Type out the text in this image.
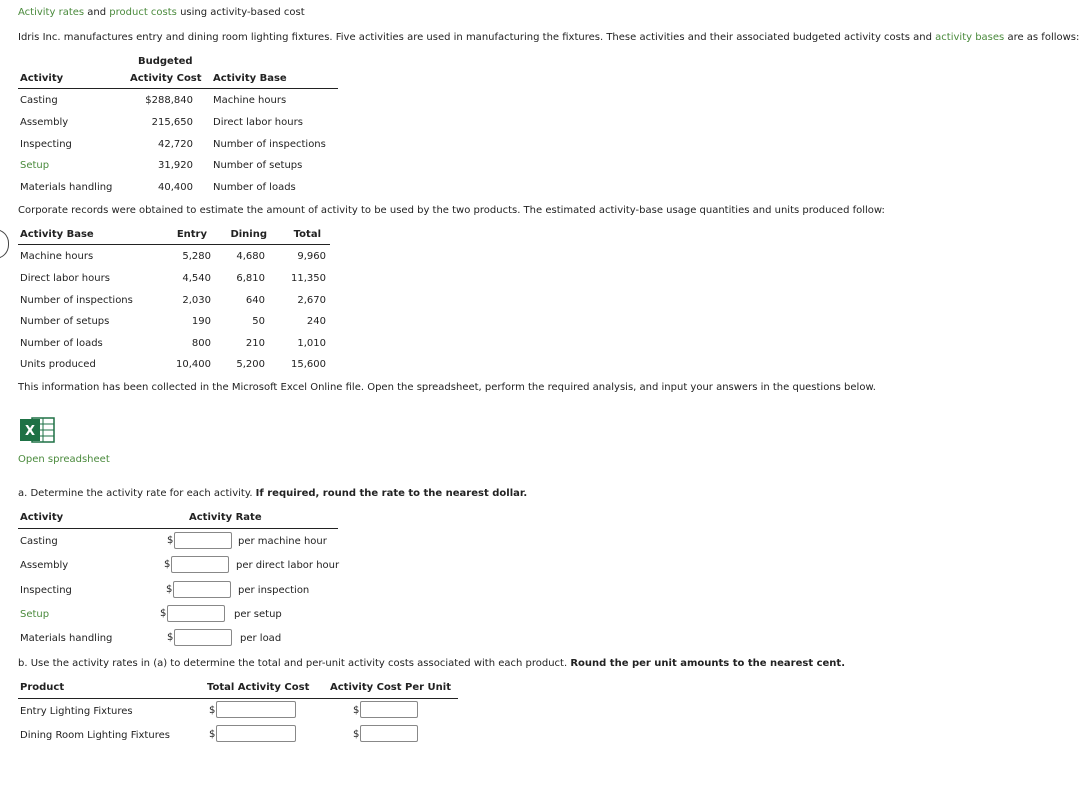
Activity rates and product costs using activity-based cost
Idris Inc. manufactures entry and dining room lighting fixtures. Five activities are used in manufacturing the fixtures. These activities and their associated budgeted activity costs and activity bases are as follows:
Budgeted
Activity	Activity Cost Activity Base
Casting	$288,840 Machine hours
Assembly	215,650 Direct labor hours
Inspecting	42,720 Number of inspections
Setup	31,920 Number of setups
Materials handling	40,400 Number of loads
Corporate records were obtained to estimate the amount of activity to be used by the two products. The estimated activity-base usage quantities and units produced follow:
Activity Base	Entry	Dining	Total
Machine hours	5,280	4,680	9,960
Direct labor hours	4,540	6,810	11,350
Number of inspections	2,030	640	2,670
Number of setups	190	50	240
Number of loads	800	210	1,010
Units produced	10,400	5,200	15,600
This information has been collected in the Microsoft Excel Online file. Open the spreadsheet, perform the required analysis, and input your answers in the questions below.
X
Open spreadsheet
a. Determine the activity rate for each activity. If required, round the rate to the nearest dollar.
Activity	Activity Rate
Casting	$	per machine hour
Assembly	$	per direct labor hour
Inspecting	$	per inspection
Setup	$	per setup
Materials handling	$	per load
b. Use the activity rates in (a) to determine the total and per-unit activity costs associated with each product. Round the per unit amounts to the nearest cent.
Product	Total Activity Cost Activity Cost Per Unit
Entry Lighting Fixtures	$	$
Dining Room Lighting Fixtures	$	$
